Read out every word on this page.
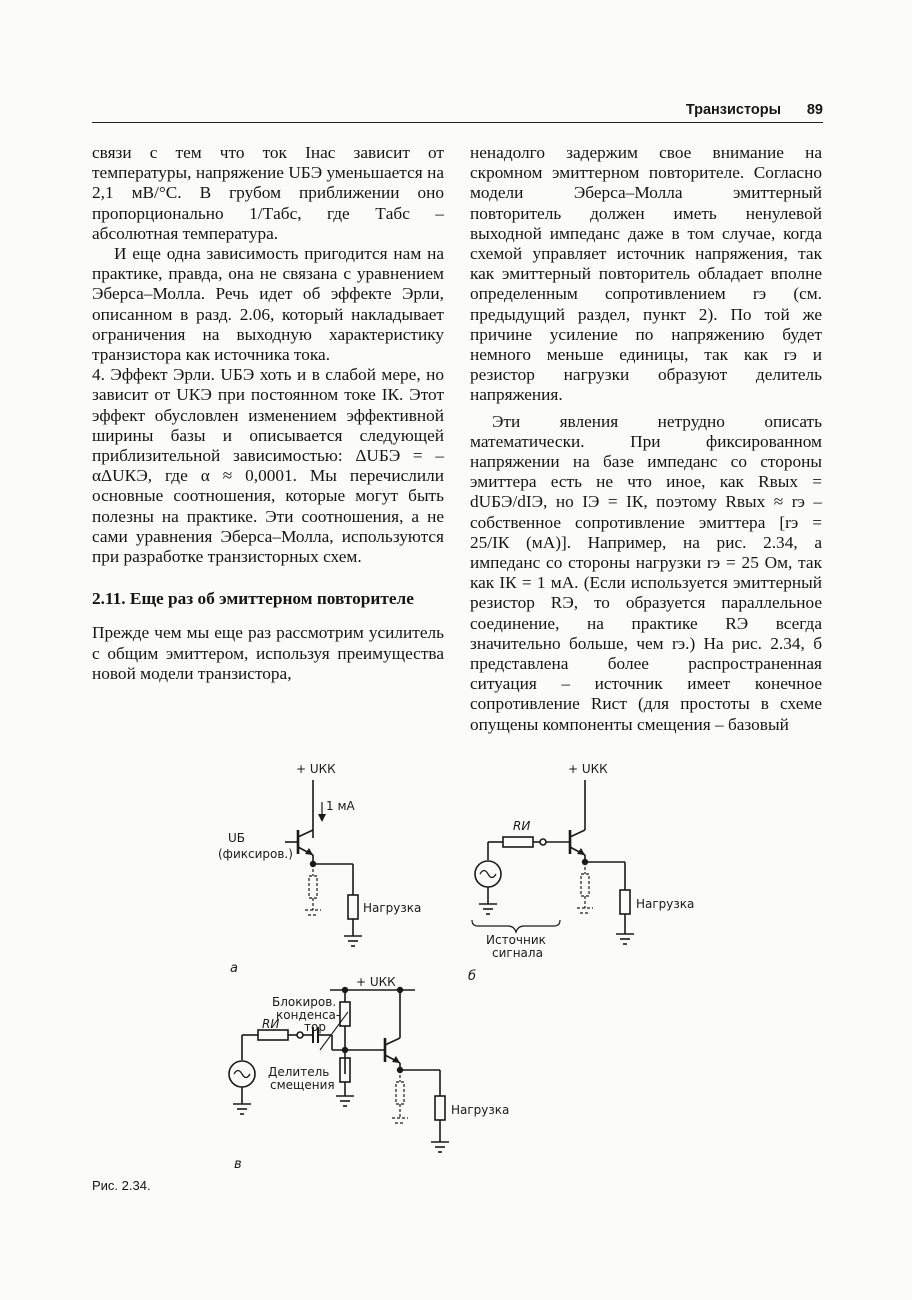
Транзисторы 89

связи с тем что ток Iнас зависит от температуры, напряжение UБЭ уменьшается на 2,1 мВ/°С. В грубом приближении оно пропорционально 1/Tабс, где Tабс – абсолютная температура.

И еще одна зависимость пригодится нам на практике, правда, она не связана с уравнением Эберса–Молла. Речь идет об эффекте Эрли, описанном в разд. 2.06, который накладывает ограничения на выходную характеристику транзистора как источника тока.

4. Эффект Эрли. UБЭ хоть и в слабой мере, но зависит от UКЭ при постоянном токе IК. Этот эффект обусловлен изменением эффективной ширины базы и описывается следующей приблизительной зависимостью: ΔUБЭ = –αΔUКЭ, где α ≈ 0,0001. Мы перечислили основные соотношения, которые могут быть полезны на практике. Эти соотношения, а не сами уравнения Эберса–Молла, используются при разработке транзисторных схем.

2.11. Еще раз об эмиттерном повторителе

Прежде чем мы еще раз рассмотрим усилитель с общим эмиттером, используя преимущества новой модели транзистора,

ненадолго задержим свое внимание на скромном эмиттерном повторителе. Согласно модели Эберса–Молла эмиттерный повторитель должен иметь ненулевой выходной импеданс даже в том случае, когда схемой управляет источник напряжения, так как эмиттерный повторитель обладает вполне определенным сопротивлением rэ (см. предыдущий раздел, пункт 2). По той же причине усиление по напряжению будет немного меньше единицы, так как rэ и резистор нагрузки образуют делитель напряжения.

Эти явления нетрудно описать математически. При фиксированном напряжении на базе импеданс со стороны эмиттера есть не что иное, как Rвых = dUБЭ/dIЭ, но IЭ = IК, поэтому Rвых ≈ rэ – собственное сопротивление эмиттера [rэ = 25/IК (мА)]. Например, на рис. 2.34, а импеданс со стороны нагрузки rэ = 25 Ом, так как IК = 1 мА. (Если используется эмиттерный резистор RЭ, то образуется параллельное соединение, на практике RЭ всегда значительно больше, чем rэ.) На рис. 2.34, б представлена более распространенная ситуация – источник имеет конечное сопротивление Rист (для простоты в схеме опущены компоненты смещения – базовый

+ UКК
1 мА
UБ
(фиксиров.)
Нагрузка
а
+ UКК
RИ
Источник
сигнала
Нагрузка
б
+ UКК
Блокиров.
конденса-
тор
RИ
Делитель
смещения
Нагрузка
в
Рис. 2.34.
